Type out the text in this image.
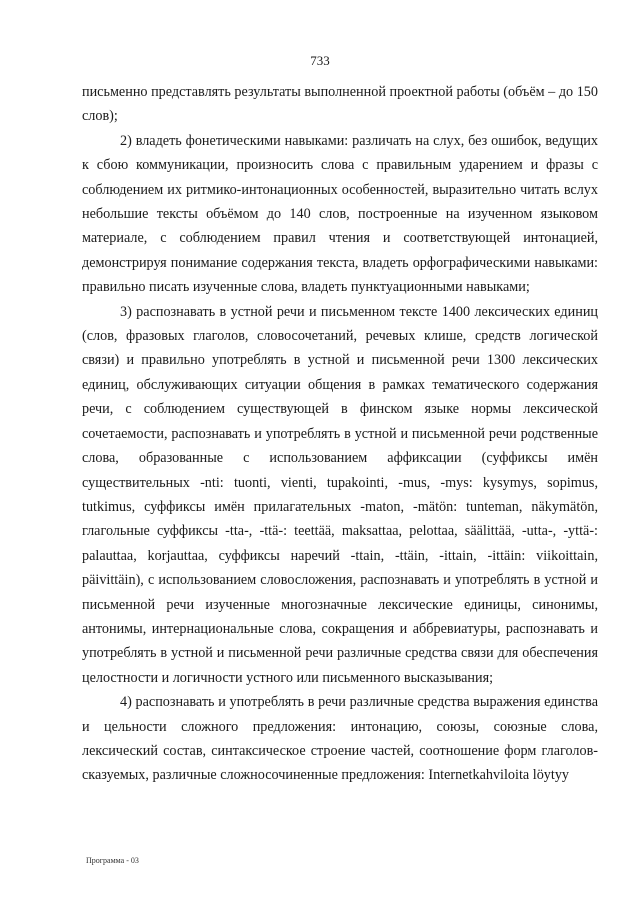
733

письменно представлять результаты выполненной проектной работы (объём – до 150 слов);

2) владеть фонетическими навыками: различать на слух, без ошибок, ведущих к сбою коммуникации, произносить слова с правильным ударением и фразы с соблюдением их ритмико-интонационных особенностей, выразительно читать вслух небольшие тексты объёмом до 140 слов, построенные на изученном языковом материале, с соблюдением правил чтения и соответствующей интонацией, демонстрируя понимание содержания текста, владеть орфографическими навыками: правильно писать изученные слова, владеть пунктуационными навыками;

3) распознавать в устной речи и письменном тексте 1400 лексических единиц (слов, фразовых глаголов, словосочетаний, речевых клише, средств логической связи) и правильно употреблять в устной и письменной речи 1300 лексических единиц, обслуживающих ситуации общения в рамках тематического содержания речи, с соблюдением существующей в финском языке нормы лексической сочетаемости, распознавать и употреблять в устной и письменной речи родственные слова, образованные с использованием аффиксации (суффиксы имён существительных -nti: tuonti, vienti, tupakointi, -mus, -mys: kysymys, sopimus, tutkimus, суффиксы имён прилагательных -maton, -mätön: tunteman, näkymätön, глагольные суффиксы -tta-, -ttä-: teettää, maksattaa, pelottaa, säälittää, -utta-, -yttä-: palauttaa, korjauttaa, суффиксы наречий -ttain, -ttäin, -ittain, -ittäin: viikoittain, päivittäin), с использованием словосложения, распознавать и употреблять в устной и письменной речи изученные многозначные лексические единицы, синонимы, антонимы, интернациональные слова, сокращения и аббревиатуры, распознавать и употреблять в устной и письменной речи различные средства связи для обеспечения целостности и логичности устного или письменного высказывания;

4) распознавать и употреблять в речи различные средства выражения единства и цельности сложного предложения: интонацию, союзы, союзные слова, лексический состав, синтаксическое строение частей, соотношение форм глаголов-сказуемых, различные сложносочиненные предложения: Internetkahviloita löytyy

Программа - 03
